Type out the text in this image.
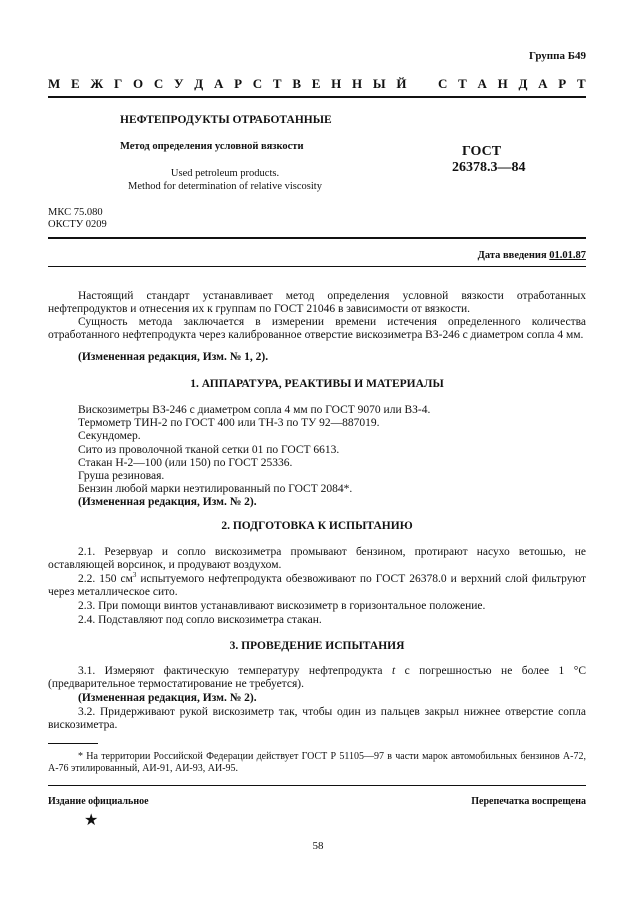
Группа Б49
М Е Ж Г О С У Д А Р С Т В Е Н Н Ы Й С Т А Н Д А Р Т
НЕФТЕПРОДУКТЫ ОТРАБОТАННЫЕ
Метод определения условной вязкости
Used petroleum products.
Method for determination of relative viscosity
ГОСТ
26378.3—84
МКС 75.080
ОКСТУ 0209
Дата введения 01.01.87
Настоящий стандарт устанавливает метод определения условной вязкости отработанных нефтепродуктов и отнесения их к группам по ГОСТ 21046 в зависимости от вязкости.
Сущность метода заключается в измерении времени истечения определенного количества отработанного нефтепродукта через калиброванное отверстие вискозиметра ВЗ-246 с диаметром сопла 4 мм.
(Измененная редакция, Изм. № 1, 2).
1. АППАРАТУРА, РЕАКТИВЫ И МАТЕРИАЛЫ
Вискозиметры ВЗ-246 с диаметром сопла 4 мм по ГОСТ 9070 или ВЗ-4.
Термометр ТИН-2 по ГОСТ 400 или ТН-3 по ТУ 92—887019.
Секундомер.
Сито из проволочной тканой сетки 01 по ГОСТ 6613.
Стакан Н-2—100 (или 150) по ГОСТ 25336.
Груша резиновая.
Бензин любой марки неэтилированный по ГОСТ 2084*.
(Измененная редакция, Изм. № 2).
2. ПОДГОТОВКА К ИСПЫТАНИЮ
2.1. Резервуар и сопло вискозиметра промывают бензином, протирают насухо ветошью, не оставляющей ворсинок, и продувают воздухом.
2.2. 150 $см^3$ испытуемого нефтепродукта обезвоживают по ГОСТ 26378.0 и верхний слой фильтруют через металлическое сито.
2.3. При помощи винтов устанавливают вискозиметр в горизонтальное положение.
2.4. Подставляют под сопло вискозиметра стакан.
3. ПРОВЕДЕНИЕ ИСПЫТАНИЯ
3.1. Измеряют фактическую температуру нефтепродукта t с погрешностью не более 1 °С (предварительное термостатирование не требуется).
(Измененная редакция, Изм. № 2).
3.2. Придерживают рукой вискозиметр так, чтобы один из пальцев закрыл нижнее отверстие сопла вискозиметра.
* На территории Российской Федерации действует ГОСТ Р 51105—97 в части марок автомобильных бензинов А-72, А-76 этилированный, АИ-91, АИ-93, АИ-95.
Издание официальное	Перепечатка воспрещена
★
58
